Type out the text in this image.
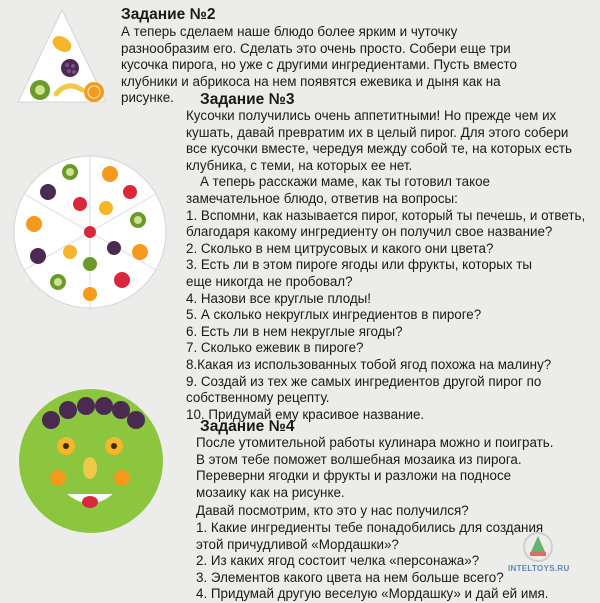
Задание №2
А теперь сделаем наше блюдо более ярким и чуточку
разнообразим его. Сделать это очень просто. Собери еще три
кусочка пирога, но уже с другими ингредиентами. Пусть вместо
клубники и абрикоса на нем появятся ежевика и дыня как на
рисунке.	Задание №3
Кусочки получились очень аппетитными! Но прежде чем их
кушать, давай превратим их в целый пирог. Для этого собери
все кусочки вместе, чередуя между собой те, на которых есть
клубника, с теми, на которых ее нет.
А теперь расскажи маме, как ты готовил такое
замечательное блюдо, ответив на вопросы:
1. Вспомни, как называется пирог, который ты печешь, и ответь,
благодаря какому ингредиенту он получил свое название?
2. Сколько в нем цитрусовых и какого они цвета?
3. Есть ли в этом пироге ягоды или фрукты, которых ты
еще никогда не пробовал?
4. Назови все круглые плоды!
5. А сколько некруглых ингредиентов в пироге?
6. Есть ли в нем некруглые ягоды?
7. Сколько ежевик в пироге?
8.Какая из использованных тобой ягод похожа на малину?
9. Создай из тех же самых ингредиентов другой пирог по
собственному рецепту.
10. Придумай ему красивое название.
Задание №4
После утомительной работы кулинара можно и поиграть.
В этом тебе поможет волшебная мозаика из пирога.
Переверни ягодки и фрукты и разложи на подносе
мозаику как на рисунке.
Давай посмотрим, кто это у нас получился?
1. Какие ингредиенты тебе понадобились для создания
этой причудливой «Мордашки»?
2. Из каких ягод состоит челка «персонажа»?
3. Элементов какого цвета на нем больше всего?
4. Придумай другую веселую «Мордашку» и дай ей имя.
INTELTOYS.RU
